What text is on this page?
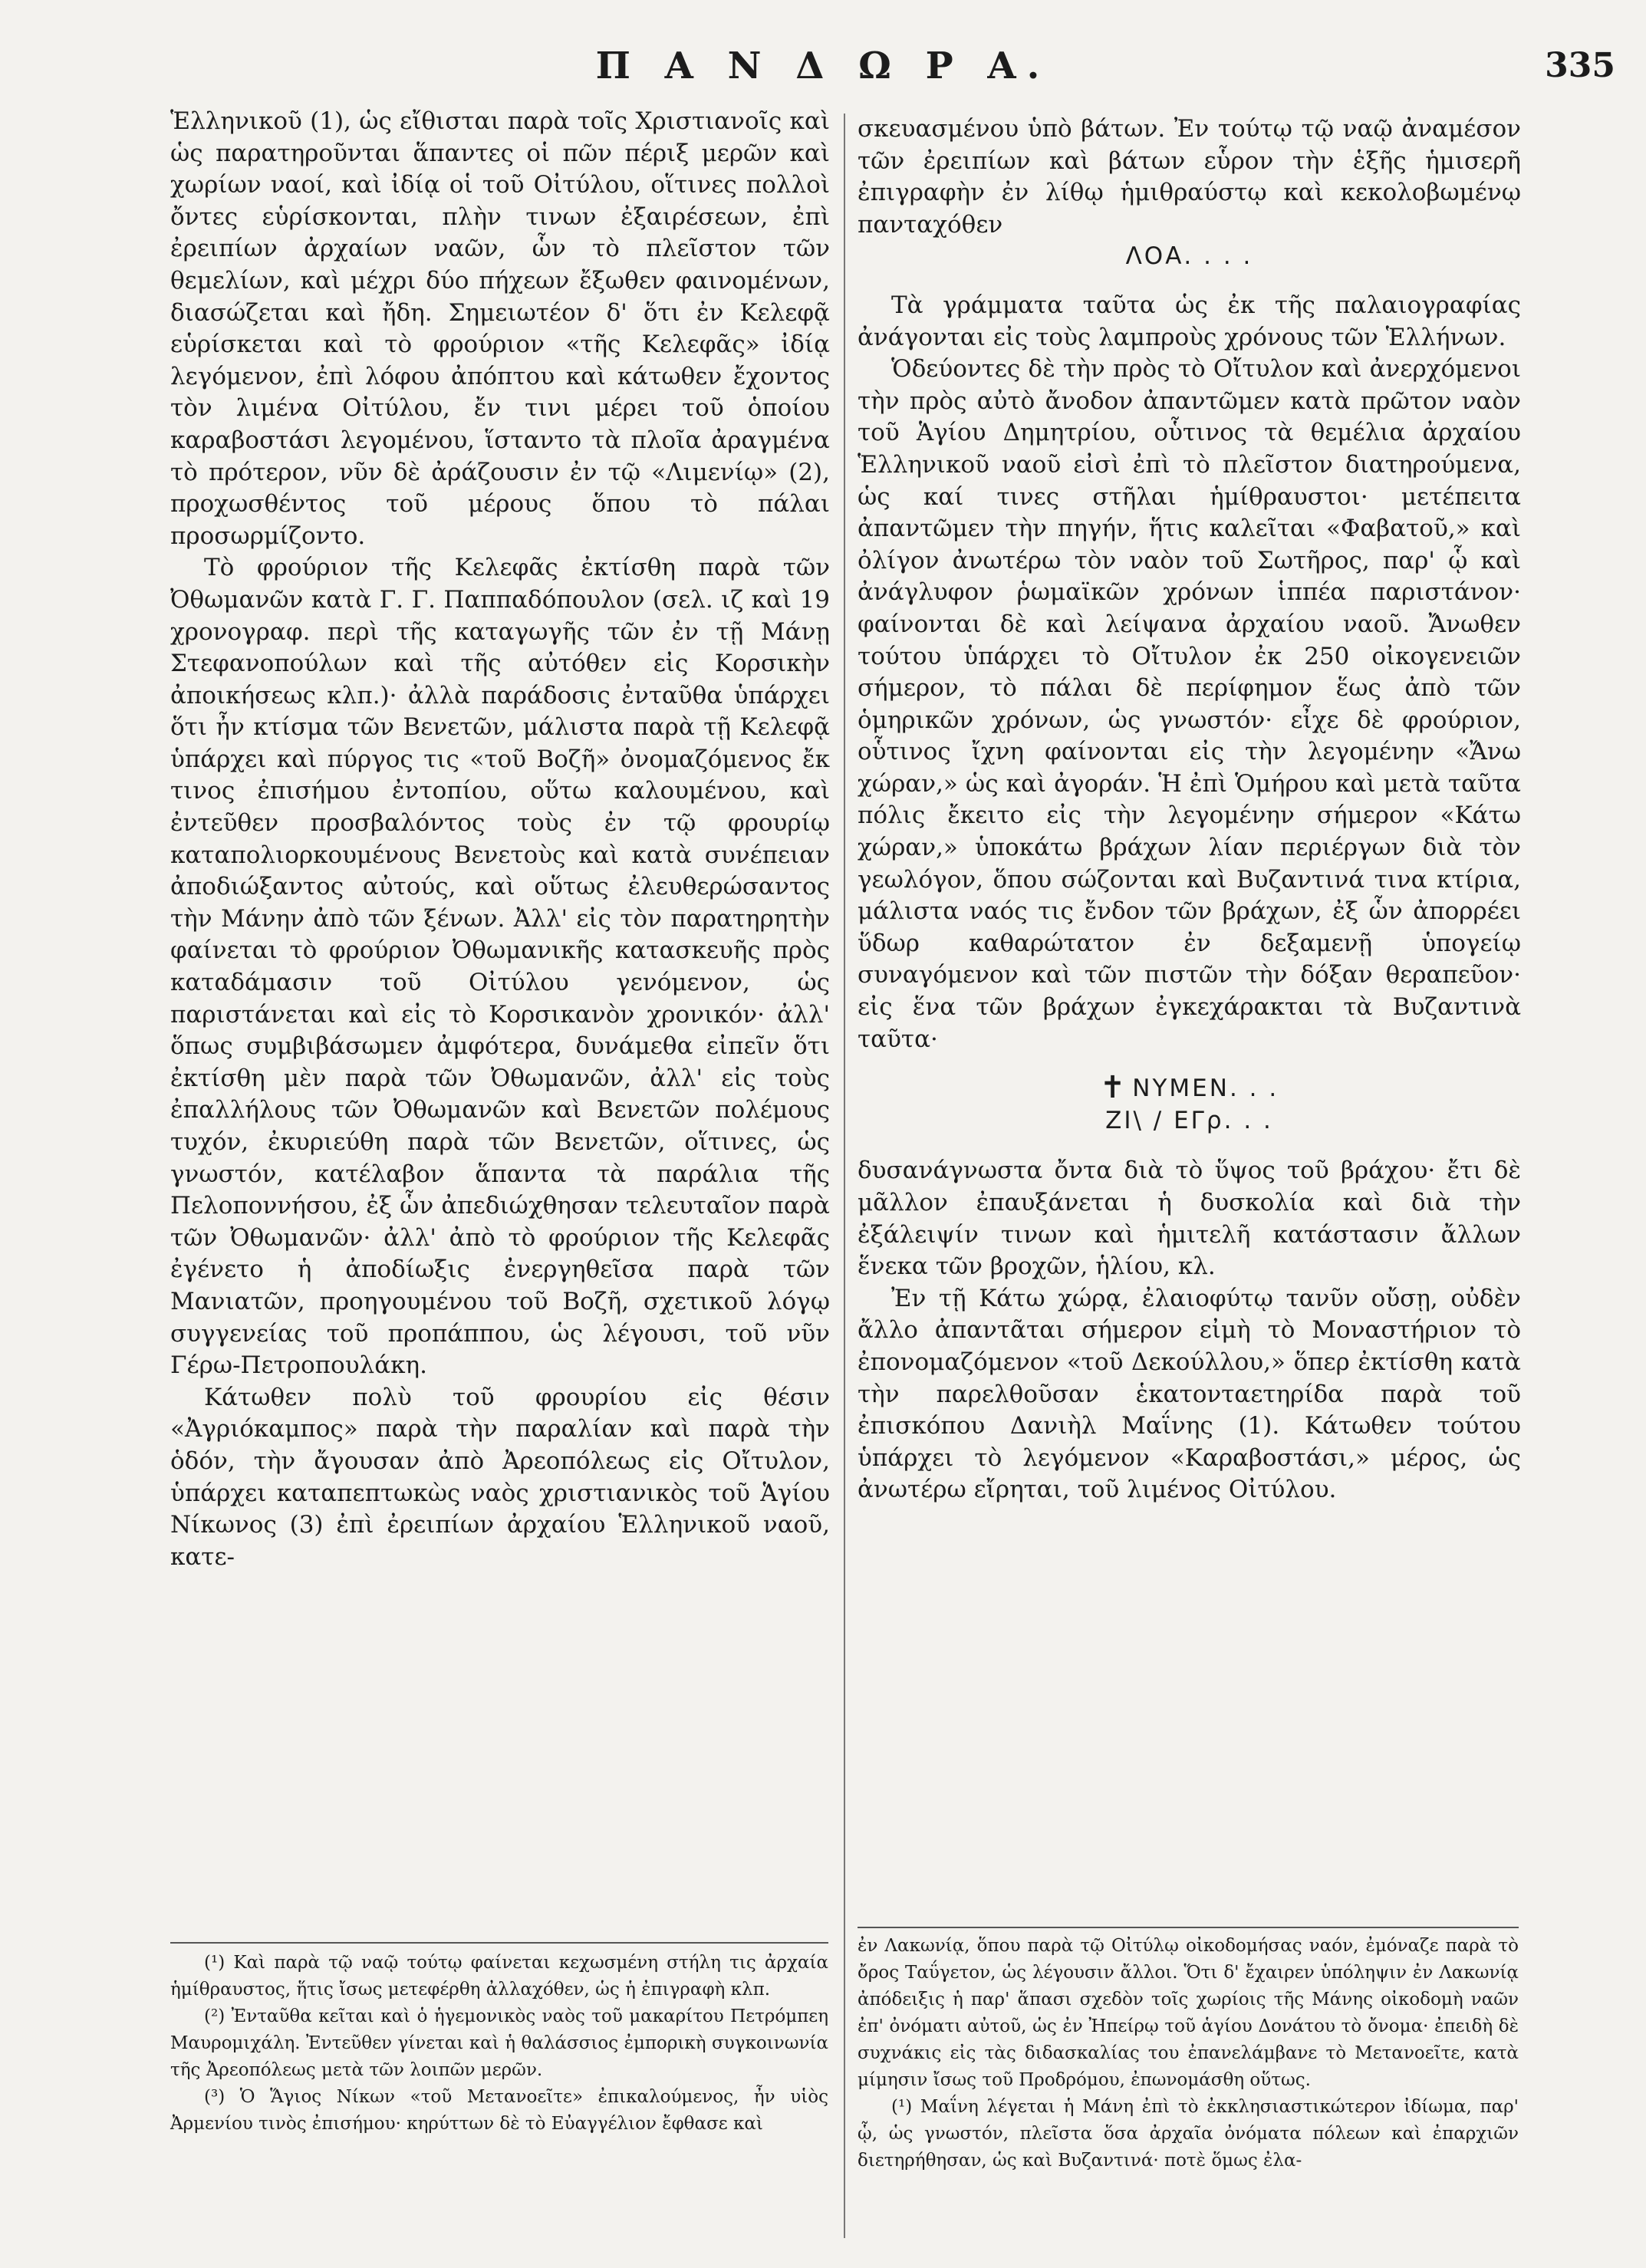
Π Α Ν Δ Ω Ρ Α.	335

Ἑλληνικοῦ (1), ὡς εἴθισται παρὰ τοῖς Χριστιανοῖς καὶ ὡς παρατηροῦνται ἅπαντες οἱ πῶν πέριξ μερῶν καὶ χωρίων ναοί, καὶ ἰδίᾳ οἱ τοῦ Οἰτύλου, οἵτινες πολλοὶ ὄντες εὑρίσκονται, πλὴν τινων ἐξαιρέσεων, ἐπὶ ἐρειπίων ἀρχαίων ναῶν, ὧν τὸ πλεῖστον τῶν θεμελίων, καὶ μέχρι δύο πήχεων ἔξωθεν φαινομένων, διασώζεται καὶ ἤδη. Σημειωτέον δ' ὅτι ἐν Κελεφᾷ εὑρίσκεται καὶ τὸ φρούριον «τῆς Κελεφᾶς» ἰδίᾳ λεγόμενον, ἐπὶ λόφου ἀπόπτου καὶ κάτωθεν ἔχοντος τὸν λιμένα Οἰτύλου, ἔν τινι μέρει τοῦ ὁποίου καραβοστάσι λεγομένου, ἵσταντο τὰ πλοῖα ἀραγμένα τὸ πρότερον, νῦν δὲ ἀράζουσιν ἐν τῷ «Λιμενίῳ» (2), προχωσθέντος τοῦ μέρους ὅπου τὸ πάλαι προσωρμίζοντο.

Τὸ φρούριον τῆς Κελεφᾶς ἐκτίσθη παρὰ τῶν Ὀθωμανῶν κατὰ Γ. Γ. Παππαδόπουλον (σελ. ιζ καὶ 19 χρονογραφ. περὶ τῆς καταγωγῆς τῶν ἐν τῇ Μάνῃ Στεφανοπούλων καὶ τῆς αὐτόθεν εἰς Κορσικὴν ἀποικήσεως κλπ.)· ἀλλὰ παράδοσις ἐνταῦθα ὑπάρχει ὅτι ἦν κτίσμα τῶν Βενετῶν, μάλιστα παρὰ τῇ Κελεφᾷ ὑπάρχει καὶ πύργος τις «τοῦ Βοζῆ» ὀνομαζόμενος ἔκ τινος ἐπισήμου ἐντοπίου, οὕτω καλουμένου, καὶ ἐντεῦθεν προσβαλόντος τοὺς ἐν τῷ φρουρίῳ καταπολιορκουμένους Βενετοὺς καὶ κατὰ συνέπειαν ἀποδιώξαντος αὐτούς, καὶ οὕτως ἐλευθερώσαντος τὴν Μάνην ἀπὸ τῶν ξένων. Ἀλλ' εἰς τὸν παρατηρητὴν φαίνεται τὸ φρούριον Ὀθωμανικῆς κατασκευῆς πρὸς καταδάμασιν τοῦ Οἰτύλου γενόμενον, ὡς παριστάνεται καὶ εἰς τὸ Κορσικανὸν χρονικόν· ἀλλ' ὅπως συμβιβάσωμεν ἀμφότερα, δυνάμεθα εἰπεῖν ὅτι ἐκτίσθη μὲν παρὰ τῶν Ὀθωμανῶν, ἀλλ' εἰς τοὺς ἐπαλλήλους τῶν Ὀθωμανῶν καὶ Βενετῶν πολέμους τυχόν, ἐκυριεύθη παρὰ τῶν Βενετῶν, οἵτινες, ὡς γνωστόν, κατέλαβον ἅπαντα τὰ παράλια τῆς Πελοποννήσου, ἐξ ὧν ἀπεδιώχθησαν τελευταῖον παρὰ τῶν Ὀθωμανῶν· ἀλλ' ἀπὸ τὸ φρούριον τῆς Κελεφᾶς ἐγένετο ἡ ἀποδίωξις ἐνεργηθεῖσα παρὰ τῶν Μανιατῶν, προηγουμένου τοῦ Βοζῆ, σχετικοῦ λόγῳ συγγενείας τοῦ προπάππου, ὡς λέγουσι, τοῦ νῦν Γέρω-Πετροπουλάκη.

Κάτωθεν πολὺ τοῦ φρουρίου εἰς θέσιν «Ἀγριόκαμπος» παρὰ τὴν παραλίαν καὶ παρὰ τὴν ὁδόν, τὴν ἄγουσαν ἀπὸ Ἀρεοπόλεως εἰς Οἴτυλον, ὑπάρχει καταπεπτωκὼς ναὸς χριστιανικὸς τοῦ Ἁγίου Νίκωνος (3) ἐπὶ ἐρειπίων ἀρχαίου Ἑλληνικοῦ ναοῦ, κατε-

σκευασμένου ὑπὸ βάτων. Ἐν τούτῳ τῷ ναῷ ἀναμέσον τῶν ἐρειπίων καὶ βάτων εὗρον τὴν ἑξῆς ἡμισερῆ ἐπιγραφὴν ἐν λίθῳ ἡμιθραύστῳ καὶ κεκολοβωμένῳ πανταχόθεν

ΛΟΑ. . . .

Τὰ γράμματα ταῦτα ὡς ἐκ τῆς παλαιογραφίας ἀνάγονται εἰς τοὺς λαμπροὺς χρόνους τῶν Ἑλλήνων.

Ὁδεύοντες δὲ τὴν πρὸς τὸ Οἴτυλον καὶ ἀνερχόμενοι τὴν πρὸς αὐτὸ ἄνοδον ἀπαντῶμεν κατὰ πρῶτον ναὸν τοῦ Ἁγίου Δημητρίου, οὗτινος τὰ θεμέλια ἀρχαίου Ἑλληνικοῦ ναοῦ εἰσὶ ἐπὶ τὸ πλεῖστον διατηρούμενα, ὡς καί τινες στῆλαι ἡμίθραυστοι· μετέπειτα ἀπαντῶμεν τὴν πηγήν, ἥτις καλεῖται «Φαβατοῦ,» καὶ ὀλίγον ἀνωτέρω τὸν ναὸν τοῦ Σωτῆρος, παρ' ᾧ καὶ ἀνάγλυφον ῥωμαϊκῶν χρόνων ἱππέα παριστάνον· φαίνονται δὲ καὶ λείψανα ἀρχαίου ναοῦ. Ἄνωθεν τούτου ὑπάρχει τὸ Οἴτυλον ἐκ 250 οἰκογενειῶν σήμερον, τὸ πάλαι δὲ περίφημον ἕως ἀπὸ τῶν ὁμηρικῶν χρόνων, ὡς γνωστόν· εἶχε δὲ φρούριον, οὗτινος ἴχνη φαίνονται εἰς τὴν λεγομένην «Ἄνω χώραν,» ὡς καὶ ἀγοράν. Ἡ ἐπὶ Ὁμήρου καὶ μετὰ ταῦτα πόλις ἔκειτο εἰς τὴν λεγομένην σήμερον «Κάτω χώραν,» ὑποκάτω βράχων λίαν περιέργων διὰ τὸν γεωλόγον, ὅπου σώζονται καὶ Βυζαντινά τινα κτίρια, μάλιστα ναός τις ἔνδον τῶν βράχων, ἐξ ὧν ἀπορρέει ὕδωρ καθαρώτατον ἐν δεξαμενῇ ὑπογείῳ συναγόμενον καὶ τῶν πιστῶν τὴν δόξαν θεραπεῦον· εἰς ἕνα τῶν βράχων ἐγκεχάρακται τὰ Βυζαντινὰ ταῦτα·

✝ ΝΥΜΕΝ. . .

ΖΙ\ / ΕΓρ. . .

δυσανάγνωστα ὄντα διὰ τὸ ὕψος τοῦ βράχου· ἔτι δὲ μᾶλλον ἐπαυξάνεται ἡ δυσκολία καὶ διὰ τὴν ἐξάλειψίν τινων καὶ ἡμιτελῆ κατάστασιν ἄλλων ἕνεκα τῶν βροχῶν, ἡλίου, κλ.

Ἐν τῇ Κάτω χώρᾳ, ἐλαιοφύτῳ τανῦν οὔσῃ, οὐδὲν ἄλλο ἀπαντᾶται σήμερον εἰμὴ τὸ Μοναστήριον τὸ ἐπονομαζόμενον «τοῦ Δεκούλλου,» ὅπερ ἐκτίσθη κατὰ τὴν παρελθοῦσαν ἑκατονταετηρίδα παρὰ τοῦ ἐπισκόπου Δανιὴλ Μαΐνης (1). Κάτωθεν τούτου ὑπάρχει τὸ λεγόμενον «Καραβοστάσι,» μέρος, ὡς ἀνωτέρω εἴρηται, τοῦ λιμένος Οἰτύλου.

(¹) Καὶ παρὰ τῷ ναῷ τούτῳ φαίνεται κεχωσμένη στήλη τις ἀρχαία ἡμίθραυστος, ἥτις ἴσως μετεφέρθη ἀλλαχόθεν, ὡς ἡ ἐπιγραφὴ κλπ.

(²) Ἐνταῦθα κεῖται καὶ ὁ ἡγεμονικὸς ναὸς τοῦ μακαρίτου Πετρόμπεη Μαυρομιχάλη. Ἐντεῦθεν γίνεται καὶ ἡ θαλάσσιος ἐμπορικὴ συγκοινωνία τῆς Ἀρεοπόλεως μετὰ τῶν λοιπῶν μερῶν.

(³) Ὁ Ἅγιος Νίκων «τοῦ Μετανοεῖτε» ἐπικαλούμενος, ἦν υἱὸς Ἀρμενίου τινὸς ἐπισήμου· κηρύττων δὲ τὸ Εὐαγγέλιον ἔφθασε καὶ

ἐν Λακωνίᾳ, ὅπου παρὰ τῷ Οἰτύλῳ οἰκοδομήσας ναόν, ἐμόναζε παρὰ τὸ ὄρος Ταΰγετον, ὡς λέγουσιν ἄλλοι. Ὅτι δ' ἔχαιρεν ὑπόληψιν ἐν Λακωνίᾳ ἀπόδειξις ἡ παρ' ἅπασι σχεδὸν τοῖς χωρίοις τῆς Μάνης οἰκοδομὴ ναῶν ἐπ' ὀνόματι αὐτοῦ, ὡς ἐν Ἠπείρῳ τοῦ ἁγίου Δονάτου τὸ ὄνομα· ἐπειδὴ δὲ συχνάκις εἰς τὰς διδασκαλίας του ἐπανελάμβανε τὸ Μετανοεῖτε, κατὰ μίμησιν ἴσως τοῦ Προδρόμου, ἐπωνομάσθη οὕτως.

(¹) Μαΐνη λέγεται ἡ Μάνη ἐπὶ τὸ ἐκκλησιαστικώτερον ἰδίωμα, παρ' ᾧ, ὡς γνωστόν, πλεῖστα ὅσα ἀρχαῖα ὀνόματα πόλεων καὶ ἐπαρχιῶν διετηρήθησαν, ὡς καὶ Βυζαντινά· ποτὲ ὅμως ἐλα-
